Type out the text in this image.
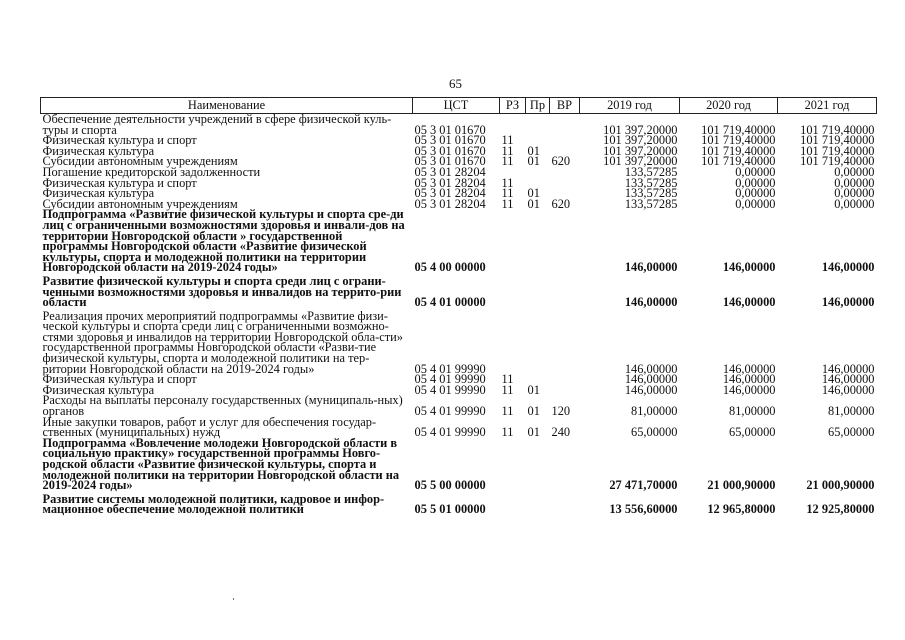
65
Наименование	ЦСТ	РЗ	Пр	ВР	2019 год	2020 год	2021 год
Обеспечение деятельности учреждений в сфере физической куль-туры и спорта	05 3 01 01670				101 397,20000	101 719,40000	101 719,40000
Физическая культура и спорт	05 3 01 01670	11			101 397,20000	101 719,40000	101 719,40000
Физическая культура	05 3 01 01670	11	01		101 397,20000	101 719,40000	101 719,40000
Субсидии автономным учреждениям	05 3 01 01670	11	01	620	101 397,20000	101 719,40000	101 719,40000
Погашение кредиторской задолженности	05 3 01 28204				133,57285	0,00000	0,00000
Физическая культура и спорт	05 3 01 28204	11			133,57285	0,00000	0,00000
Физическая культура	05 3 01 28204	11	01		133,57285	0,00000	0,00000
Субсидии автономным учреждениям	05 3 01 28204	11	01	620	133,57285	0,00000	0,00000
Подпрограмма «Развитие физической культуры и спорта сре-ди лиц с ограниченными возможностями здоровья и инвали-дов на территории Новгородской области » государственной программы Новгородской области «Развитие физической культуры, спорта и молодежной политики на территории Новгородской области на 2019-2024 годы»	05 4 00 00000				146,00000	146,00000	146,00000
Развитие физической культуры и спорта среди лиц с ограни-ченными возможностями здоровья и инвалидов на террито-рии области	05 4 01 00000				146,00000	146,00000	146,00000
Реализация прочих мероприятий подпрограммы «Развитие физи-ческой культуры и спорта среди лиц с ограниченными возможно-стями здоровья и инвалидов на территории Новгородской обла-сти» государственной программы Новгородской области «Разви-тие физической культуры, спорта и молодежной политики на тер-ритории Новгородской области на 2019-2024 годы»	05 4 01 99990				146,00000	146,00000	146,00000
Физическая культура и спорт	05 4 01 99990	11			146,00000	146,00000	146,00000
Физическая культура	05 4 01 99990	11	01		146,00000	146,00000	146,00000
Расходы на выплаты персоналу государственных (муниципаль-ных) органов	05 4 01 99990	11	01	120	81,00000	81,00000	81,00000
Иные закупки товаров, работ и услуг для обеспечения государ-ственных (муниципальных) нужд	05 4 01 99990	11	01	240	65,00000	65,00000	65,00000
Подпрограмма «Вовлечение молодежи Новгородской области в социальную практику» государственной программы Новго-родской области «Развитие физической культуры, спорта и молодежной политики на территории Новгородской области на 2019-2024 годы»	05 5 00 00000				27 471,70000	21 000,90000	21 000,90000
Развитие системы молодежной политики, кадровое и инфор-мационное обеспечение молодежной политики	05 5 01 00000				13 556,60000	12 965,80000	12 925,80000
